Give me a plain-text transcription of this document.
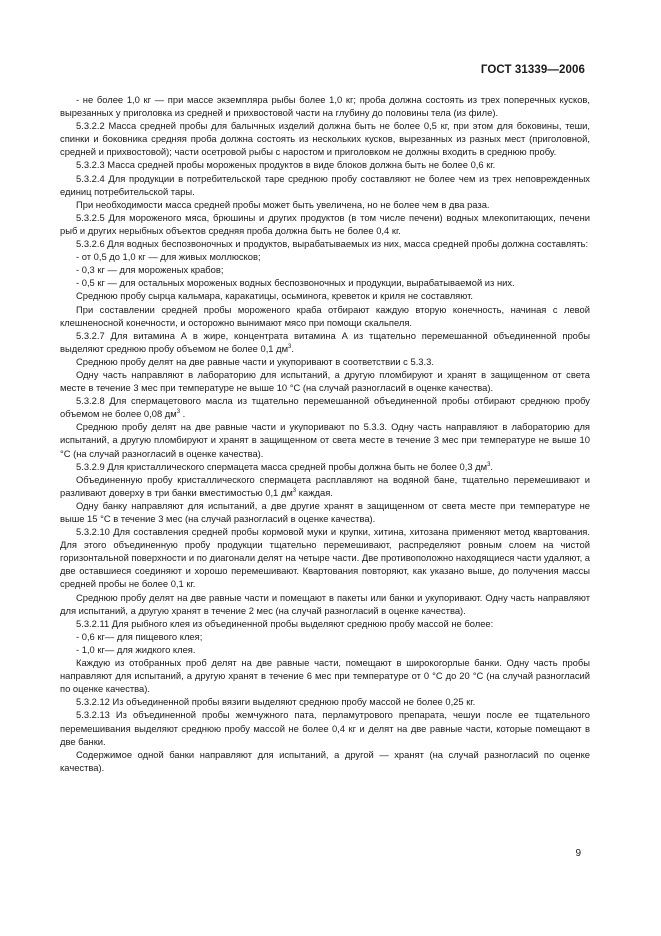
ГОСТ 31339—2006

- не более 1,0 кг — при массе экземпляра рыбы более 1,0 кг; проба должна состоять из трех поперечных кусков, вырезанных у приголовка из средней и прихвостовой части на глубину до половины тела (из филе).

5.3.2.2 Масса средней пробы для балычных изделий должна быть не более 0,5 кг, при этом для боковины, теши, спинки и боковника средняя проба должна состоять из нескольких кусков, вырезанных из разных мест (приголовной, средней и прихвостовой); части осетровой рыбы с наростом и приголовком не должны входить в среднюю пробу.

5.3.2.3 Масса средней пробы мороженых продуктов в виде блоков должна быть не более 0,6 кг.

5.3.2.4 Для продукции в потребительской таре среднюю пробу составляют не более чем из трех неповрежденных единиц потребительской тары.

При необходимости масса средней пробы может быть увеличена, но не более чем в два раза.

5.3.2.5 Для мороженого мяса, брюшины и других продуктов (в том числе печени) водных млекопитающих, печени рыб и других нерыбных объектов средняя проба должна быть не более 0,4 кг.

5.3.2.6 Для водных беспозвоночных и продуктов, вырабатываемых из них, масса средней пробы должна составлять:

- от 0,5 до 1,0 кг — для живых моллюсков;

- 0,3 кг — для мороженых крабов;

- 0,5 кг — для остальных мороженых водных беспозвоночных и продукции, вырабатываемой из них.

Среднюю пробу сырца кальмара, каракатицы, осьминога, креветок и криля не составляют.

При составлении средней пробы мороженого краба отбирают каждую вторую конечность, начиная с левой клешненосной конечности, и осторожно вынимают мясо при помощи скальпеля.

5.3.2.7 Для витамина А в жире, концентрата витамина А из тщательно перемешанной объединенной пробы выделяют среднюю пробу объемом не более 0,1 $дм^3$.

Среднюю пробу делят на две равные части и укупоривают в соответствии с 5.3.3.

Одну часть направляют в лабораторию для испытаний, а другую пломбируют и хранят в защищенном от света месте в течение 3 мес при температуре не выше 10 °С (на случай разногласий в оценке качества).

5.3.2.8 Для спермацетового масла из тщательно перемешанной объединенной пробы отбирают среднюю пробу объемом не более 0,08 $дм^3$ .

Среднюю пробу делят на две равные части и укупоривают по 5.3.3. Одну часть направляют в лабораторию для испытаний, а другую пломбируют и хранят в защищенном от света месте в течение 3 мес при температуре не выше 10 °С (на случай разногласий в оценке качества).

5.3.2.9 Для кристаллического спермацета масса средней пробы должна быть не более 0,3 $дм^3$.

Объединенную пробу кристаллического спермацета расплавляют на водяной бане, тщательно перемешивают и разливают доверху в три банки вместимостью 0,1 $дм^3$ каждая.

Одну банку направляют для испытаний, а две другие хранят в защищенном от света месте при температуре не выше 15 °С в течение 3 мес (на случай разногласий в оценке качества).

5.3.2.10 Для составления средней пробы кормовой муки и крупки, хитина, хитозана применяют метод квартования. Для этого объединенную пробу продукции тщательно перемешивают, распределяют ровным слоем на чистой горизонтальной поверхности и по диагонали делят на четыре части. Две противоположно находящиеся части удаляют, а две оставшиеся соединяют и хорошо перемешивают. Квартования повторяют, как указано выше, до получения массы средней пробы не более 0,1 кг.

Среднюю пробу делят на две равные части и помещают в пакеты или банки и укупоривают. Одну часть направляют для испытаний, а другую хранят в течение 2 мес (на случай разногласий в оценке качества).

5.3.2.11 Для рыбного клея из объединенной пробы выделяют среднюю пробу массой не более:

- 0,6 кг— для пищевого клея;

- 1,0 кг— для жидкого клея.

Каждую из отобранных проб делят на две равные части, помещают в широкогорлые банки. Одну часть пробы направляют для испытаний, а другую хранят в течение 6 мес при температуре от 0 °С до 20 °С (на случай разногласий по оценке качества).

5.3.2.12 Из объединенной пробы вязиги выделяют среднюю пробу массой не более 0,25 кг.

5.3.2.13 Из объединенной пробы жемчужного пата, перламутрового препарата, чешуи после ее тщательного перемешивания выделяют среднюю пробу массой не более 0,4 кг и делят на две равные части, которые помещают в две банки.

Содержимое одной банки направляют для испытаний, а другой — хранят (на случай разногласий по оценке качества).

9
